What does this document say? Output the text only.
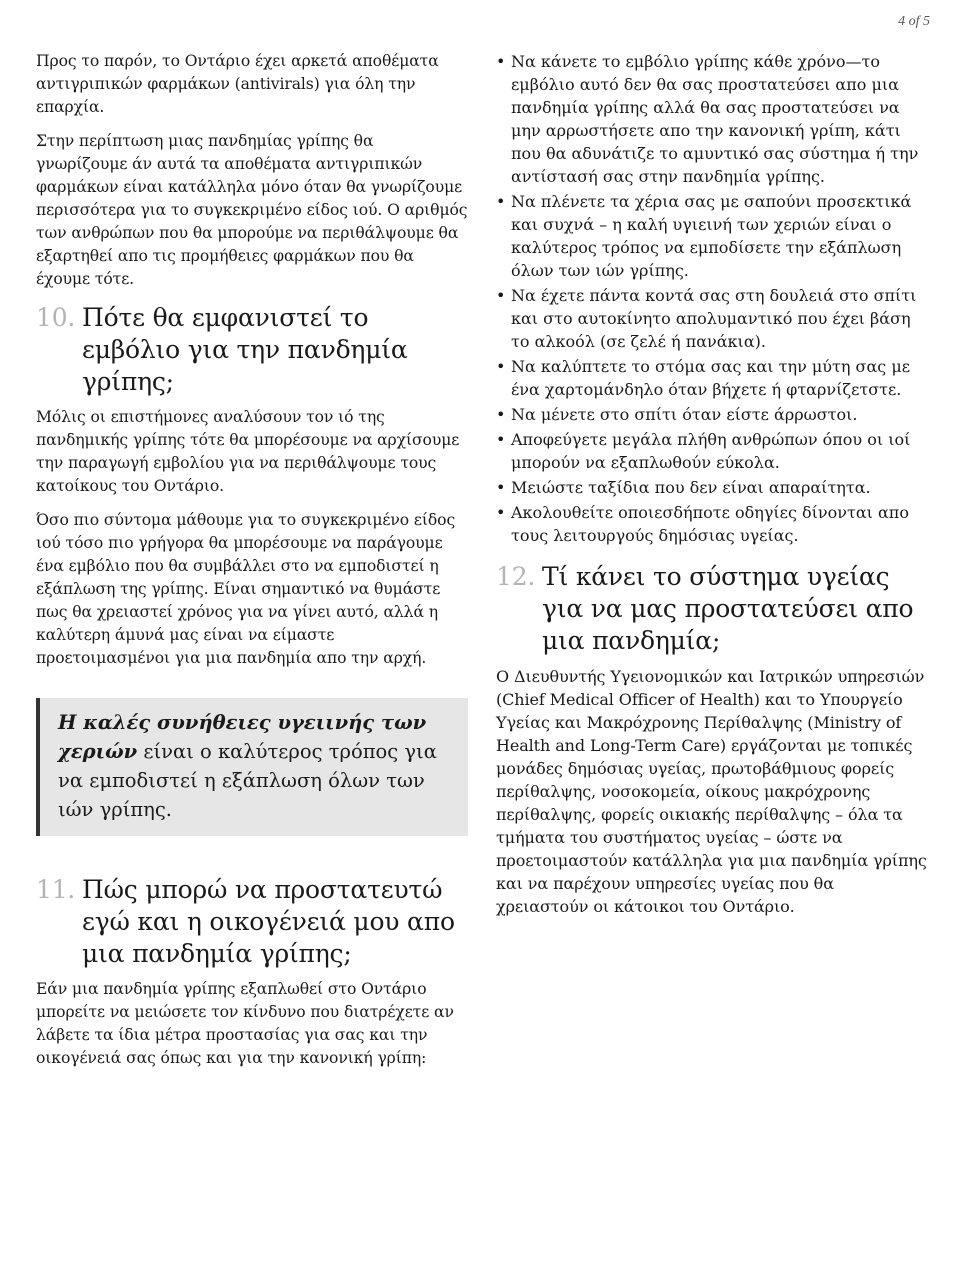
4 of 5

Προς το παρόν, το Οντάριο έχει αρκετά αποθέματα αντιγριπικών φαρμάκων (antivirals) για όλη την επαρχία.

Στην περίπτωση μιας πανδημίας γρίπης θα γνωρίζουμε άν αυτά τα αποθέματα αντιγριπικών φαρμάκων είναι κατάλληλα μόνο όταν θα γνωρίζουμε περισσότερα για το συγκεκριμένο είδος ιού. Ο αριθμός των ανθρώπων που θα μπορούμε να περιθάλψουμε θα εξαρτηθεί απο τις προμήθειες φαρμάκων που θα έχουμε τότε.

10. Πότε θα εμφανιστεί το εμβόλιο για την πανδημία γρίπης;

Μόλις οι επιστήμονες αναλύσουν τον ιό της πανδημικής γρίπης τότε θα μπορέσουμε να αρχίσουμε την παραγωγή εμβολίου για να περιθάλψουμε τους κατοίκους του Οντάριο.

Όσο πιο σύντομα μάθουμε για το συγκεκριμένο είδος ιού τόσο πιο γρήγορα θα μπορέσουμε να παράγουμε ένα εμβόλιο που θα συμβάλλει στο να εμποδιστεί η εξάπλωση της γρίπης. Είναι σημαντικό να θυμάστε πως θα χρειαστεί χρόνος για να γίνει αυτό, αλλά η καλύτερη άμυνά μας είναι να είμαστε προετοιμασμένοι για μια πανδημία απο την αρχή.

Η καλές συνήθειες υγειινής των χεριών είναι ο καλύτερος τρόπος για να εμποδιστεί η εξάπλωση όλων των ιών γρίπης.
11. Πώς μπορώ να προστατευτώ εγώ και η οικογένειά μου απο μια πανδημία γρίπης;

Εάν μια πανδημία γρίπης εξαπλωθεί στο Οντάριο μπορείτε να μειώσετε τον κίνδυνο που διατρέχετε αν λάβετε τα ίδια μέτρα προστασίας για σας και την οικογένειά σας όπως και για την κανονική γρίπη:

• Να κάνετε το εμβόλιο γρίπης κάθε χρόνο—το εμβόλιο αυτό δεν θα σας προστατεύσει απο μια πανδημία γρίπης αλλά θα σας προστατεύσει να μην αρρωστήσετε απο την κανονική γρίπη, κάτι που θα αδυνάτιζε το αμυντικό σας σύστημα ή την αντίστασή σας στην πανδημία γρίπης.
• Να πλένετε τα χέρια σας με σαπούνι προσεκτικά και συχνά – η καλή υγιεινή των χεριών είναι ο καλύτερος τρόπος να εμποδίσετε την εξάπλωση όλων των ιών γρίπης.
• Να έχετε πάντα κοντά σας στη δουλειά στο σπίτι και στο αυτοκίνητο απολυμαντικό που έχει βάση το αλκοόλ (σε ζελέ ή πανάκια).
• Να καλύπτετε το στόμα σας και την μύτη σας με ένα χαρτομάνδηλο όταν βήχετε ή φταρνίζετστε.
• Να μένετε στο σπίτι όταν είστε άρρωστοι.
• Αποφεύγετε μεγάλα πλήθη ανθρώπων όπου οι ιοί μπορούν να εξαπλωθούν εύκολα.
• Μειώστε ταξίδια που δεν είναι απαραίτητα.
• Ακολουθείτε οποιεσδήποτε οδηγίες δίνονται απο τους λειτουργούς δημόσιας υγείας.
12. Τί κάνει το σύστημα υγείας για να μας προστατεύσει απο μια πανδημία;

Ο Διευθυντής Υγειονομικών και Ιατρικών υπηρεσιών (Chief Medical Officer of Health) και το Υπουργείο Υγείας και Μακρόχρονης Περίθαλψης (Ministry of Health and Long-Term Care) εργάζονται με τοπικές μονάδες δημόσιας υγείας, πρωτοβάθμιους φορείς περίθαλψης, νοσοκομεία, οίκους μακρόχρονης περίθαλψης, φορείς οικιακής περίθαλψης – όλα τα τμήματα του συστήματος υγείας – ώστε να προετοιμαστούν κατάλληλα για μια πανδημία γρίπης και να παρέχουν υπηρεσίες υγείας που θα χρειαστούν οι κάτοικοι του Οντάριο.
